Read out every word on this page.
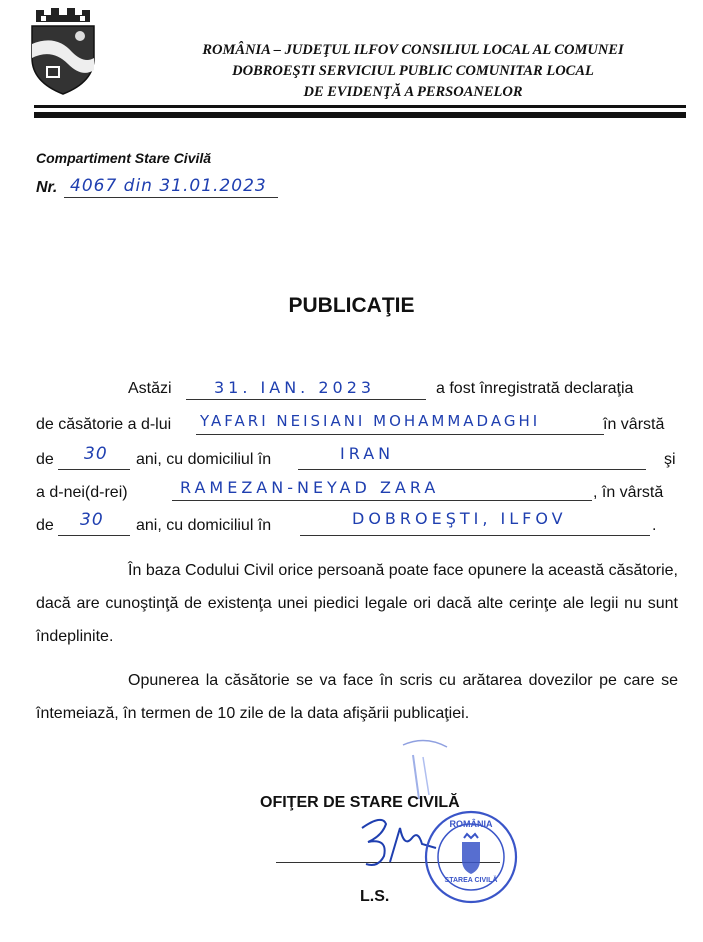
ROMÂNIA – JUDEŢUL ILFOV CONSILIUL LOCAL AL COMUNEI
DOBROEŞTI SERVICIUL PUBLIC COMUNITAR LOCAL
DE EVIDENŢĂ A PERSOANELOR
Compartiment Stare Civilă
Nr. 4067 din 31.01.2023
PUBLICAŢIE
Astăzi	31. IAN. 2023	a fost înregistrată declaraţia
de căsătorie a d-lui YAFARI NEISIANI MOHAMMADAGHI	în vârstă
de 30 ani, cu domiciliul în	IRAN	şi
a d-nei(d-rei)	RAMEZAN-NEYAD ZARA	, în vârstă
de 30 ani, cu domiciliul în	DOBROEŞTI, ILFOV	.
În baza Codului Civil orice persoană poate face opunere la această căsătorie, dacă are cunoştinţă de existenţa unei piedici legale ori dacă alte cerinţe ale legii nu sunt îndeplinite.
Opunerea la căsătorie se va face în scris cu arătarea dovezilor pe care se întemeiază, în termen de 10 zile de la data afişării publicaţiei.
OFIŢER DE STARE CIVILĂ
ROMÂNIA
STAREA CIVILĂ
L.S.
